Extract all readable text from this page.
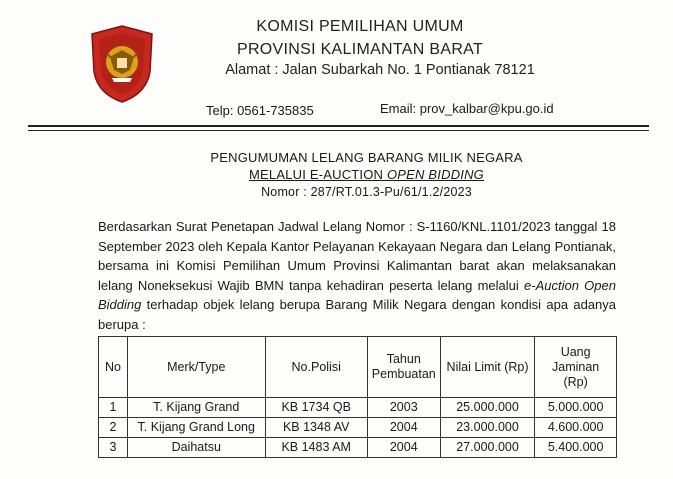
KOMISI PEMILIHAN UMUM
PROVINSI KALIMANTAN BARAT
Alamat : Jalan Subarkah No. 1 Pontianak 78121
Telp: 0561-735835	Email: prov_kalbar@kpu.go.id
PENGUMUMAN LELANG BARANG MILIK NEGARA
MELALUI E-AUCTION OPEN BIDDING
Nomor : 287/RT.01.3-Pu/61/1.2/2023
Berdasarkan Surat Penetapan Jadwal Lelang Nomor : S-1160/KNL.1101/2023 tanggal 18 September 2023 oleh Kepala Kantor Pelayanan Kekayaan Negara dan Lelang Pontianak, bersama ini Komisi Pemilihan Umum Provinsi Kalimantan barat akan melaksanakan lelang Noneksekusi Wajib BMN tanpa kehadiran peserta lelang melalui e-Auction Open Bidding terhadap objek lelang berupa Barang Milik Negara dengan kondisi apa adanya berupa :
No	Merk/Type	No.Polisi	Tahun Pembuatan	Nilai Limit (Rp)	Uang Jaminan (Rp)
1	T. Kijang Grand	KB 1734 QB	2003	25.000.000	5.000.000
2	T. Kijang Grand Long	KB 1348 AV	2004	23.000.000	4.600.000
3	Daihatsu	KB 1483 AM	2004	27.000.000	5.400.000
